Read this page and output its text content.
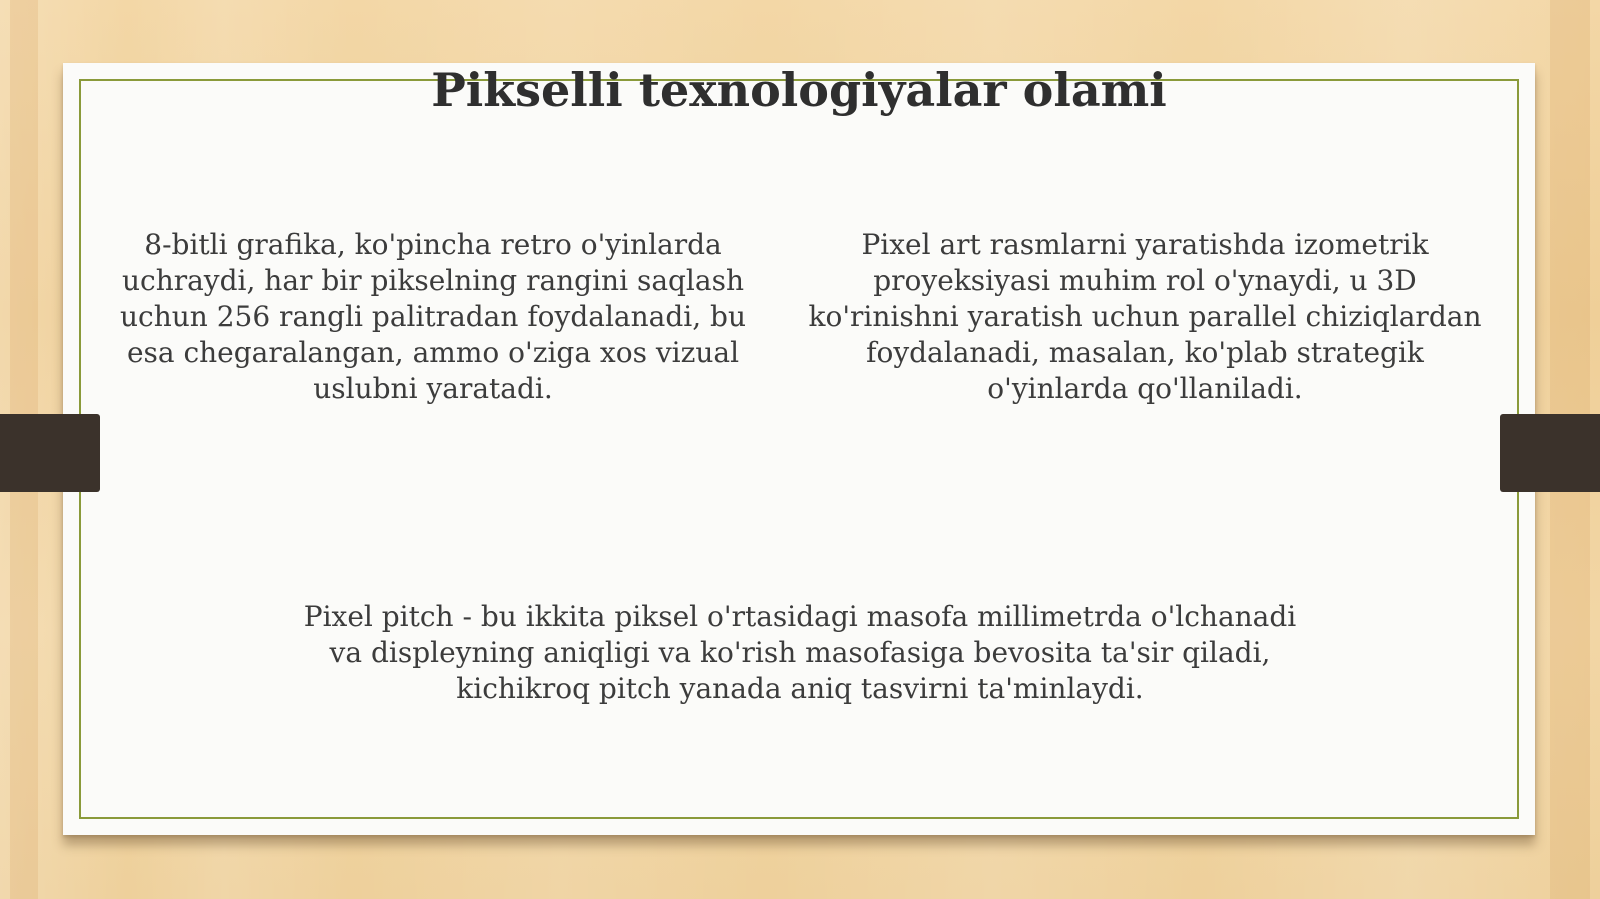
Pikselli texnologiyalar olami

8-bitli grafika, ko'pincha retro o'yinlarda uchraydi, har bir pikselning rangini saqlash uchun 256 rangli palitradan foydalanadi, bu esa chegaralangan, ammo o'ziga xos vizual uslubni yaratadi.

Pixel art rasmlarni yaratishda izometrik proyeksiyasi muhim rol o'ynaydi, u 3D ko'rinishni yaratish uchun parallel chiziqlardan foydalanadi, masalan, ko'plab strategik o'yinlarda qo'llaniladi.

Pixel pitch - bu ikkita piksel o'rtasidagi masofa millimetrda o'lchanadi va displeyning aniqligi va ko'rish masofasiga bevosita ta'sir qiladi, kichikroq pitch yanada aniq tasvirni ta'minlaydi.
